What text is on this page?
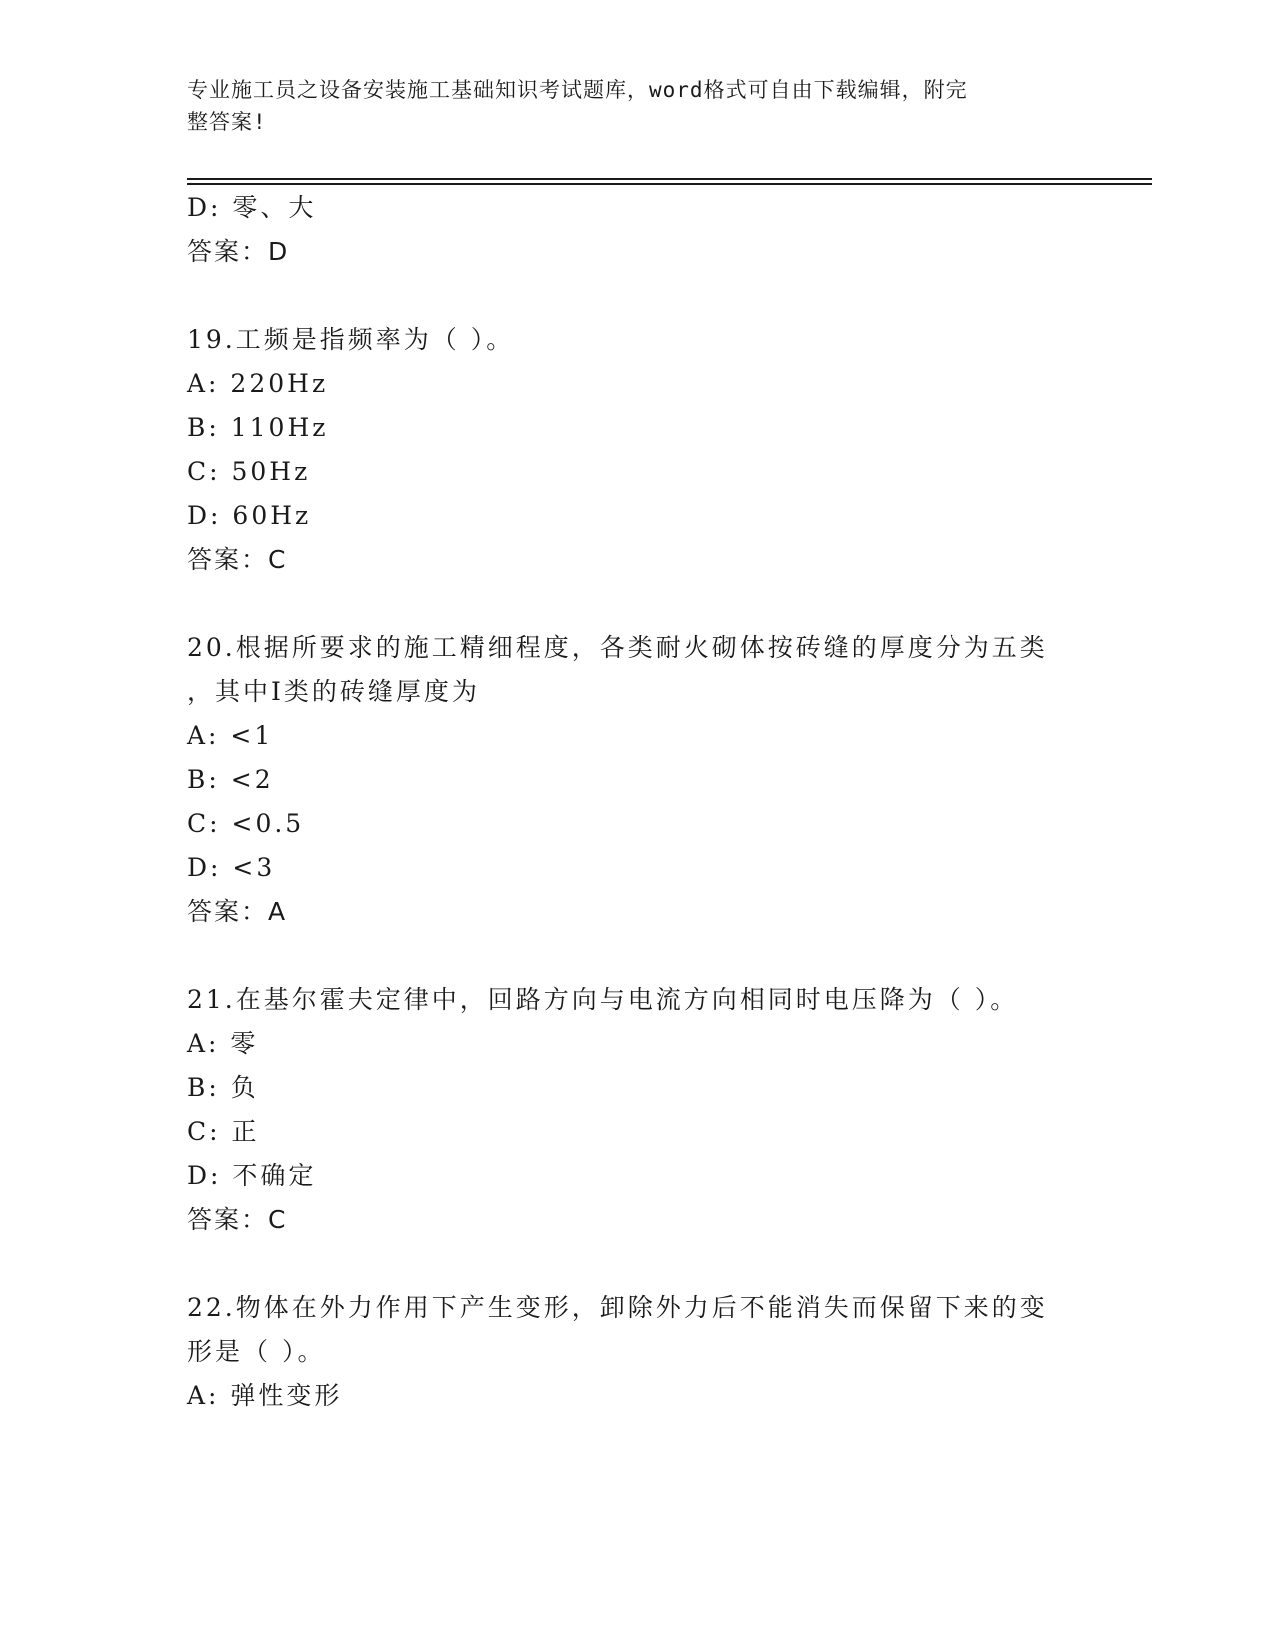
专业施工员之设备安装施工基础知识考试题库，word格式可自由下载编辑，附完
整答案!
D: 零、大
答案：D
19.工频是指频率为（ ）。
A: 220Hz
B: 110Hz
C: 50Hz
D: 60Hz
答案：C
20.根据所要求的施工精细程度，各类耐火砌体按砖缝的厚度分为五类
，其中Ⅰ类的砖缝厚度为
A: <1
B: <2
C: <0.5
D: <3
答案：A
21.在基尔霍夫定律中，回路方向与电流方向相同时电压降为（ ）。
A: 零
B: 负
C: 正
D: 不确定
答案：C
22.物体在外力作用下产生变形，卸除外力后不能消失而保留下来的变
形是（ ）。
A: 弹性变形
